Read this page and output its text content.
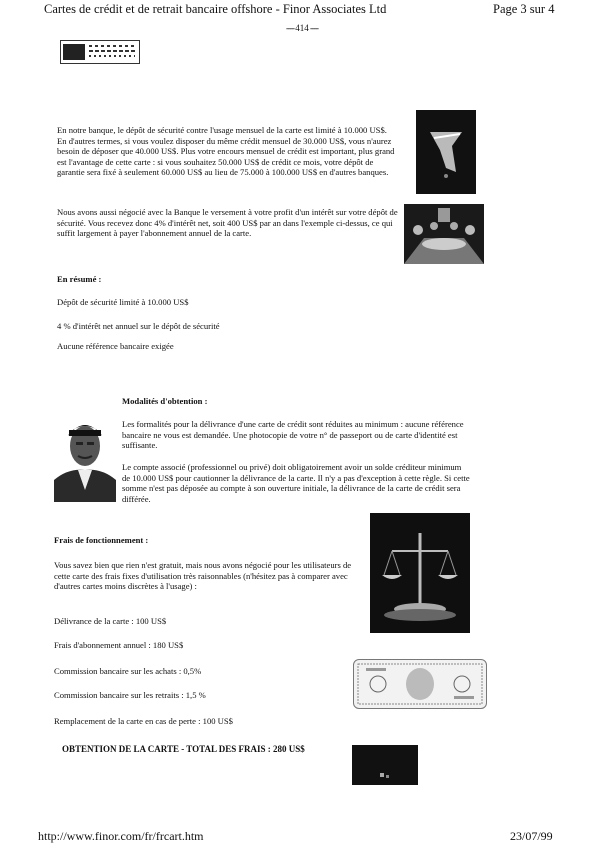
Cartes de crédit et de retrait bancaire offshore - Finor Associates Ltd	Page 3 sur 4
---- 414 ----
En notre banque, le dépôt de sécurité contre l'usage mensuel de la carte est limité à 10.000 US$. En d'autres termes, si vous voulez disposer du même crédit mensuel de 30.000 US$, vous n'aurez besoin de déposer que 40.000 US$. Plus votre encours mensuel de crédit est important, plus grand est l'avantage de cette carte : si vous souhaitez 50.000 US$ de crédit ce mois, votre dépôt de garantie sera fixé à seulement 60.000 US$ au lieu de 75.000 à 100.000 US$ en d'autres banques.
Nous avons aussi négocié avec la Banque le versement à votre profit d'un intérêt sur votre dépôt de sécurité. Vous recevez donc 4% d'intérêt net, soit 400 US$ par an dans l'exemple ci-dessus, ce qui suffit largement à payer l'abonnement annuel de la carte.
En résumé :
Dépôt de sécurité limité à 10.000 US$
4 % d'intérêt net annuel sur le dépôt de sécurité
Aucune référence bancaire exigée
Modalités d'obtention :
Les formalités pour la délivrance d'une carte de crédit sont réduites au minimum : aucune référence bancaire ne vous est demandée. Une photocopie de votre n° de passeport ou de carte d'identité est suffisante.
Le compte associé (professionnel ou privé) doit obligatoirement avoir un solde créditeur minimum de 10.000 US$ pour cautionner la délivrance de la carte. Il n'y a pas d'exception à cette règle. Si cette somme n'est pas déposée au compte à son ouverture initiale, la délivrance de la carte de crédit sera différée.
Frais de fonctionnement :
Vous savez bien que rien n'est gratuit, mais nous avons négocié pour les utilisateurs de cette carte des frais fixes d'utilisation très raisonnables (n'hésitez pas à comparer avec d'autres cartes moins discrètes à l'usage) :
Délivrance de la carte : 100 US$
Frais d'abonnement annuel : 180 US$
Commission bancaire sur les achats : 0,5%
Commission bancaire sur les retraits : 1,5 %
Remplacement de la carte en cas de perte : 100 US$
OBTENTION DE LA CARTE - TOTAL DES FRAIS : 280 US$
http://www.finor.com/fr/frcart.htm	23/07/99
